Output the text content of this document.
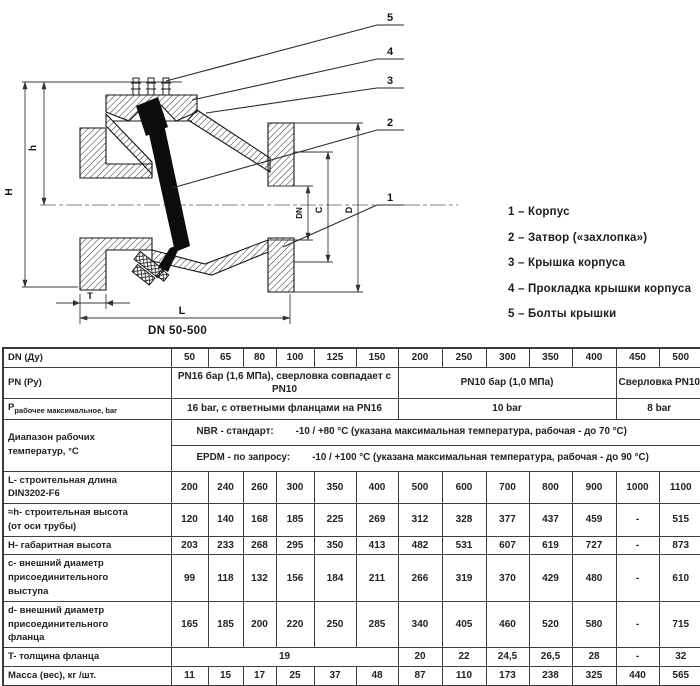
H
h
L
T
DN C D
5
4
3
2
1
DN 50-500
1 – Корпус
2 – Затвор («захлопка»)
3 – Крышка корпуса
4 – Прокладка крышки корпуса
5 – Болты крышки
DN (Ду)	50	65	80	100	125	150	200	250	300	350	400	450	500
PN (Ру)	PN16 бар (1,6 МПа), сверловка совпадает с PN10						PN10 бар (1,0 МПа)					Сверловка PN10	
$P_{рабочее максимальное, bar}$	16 bar, с ответными фланцами на PN16						10 bar					8 bar	
Диапазон рабочих
температур, °C	NBR - стандарт: -10 / +80 °C (указана максимальная температура, рабочая - до 70 °C)												
	EPDM - по запросу: -10 / +100 °C (указана максимальная температура, рабочая - до 90 °C)												
L- строительная длина
DIN3202-F6	200	240	260	300	350	400	500	600	700	800	900	1000	1100
≈h- строительная высота
(от оси трубы)	120	140	168	185	225	269	312	328	377	437	459	-	515
H- габаритная высота	203	233	268	295	350	413	482	531	607	619	727	-	873
c- внешний диаметр
присоединительного
выступа	99	118	132	156	184	211	266	319	370	429	480	-	610
d- внешний диаметр
присоединительного
фланца	165	185	200	220	250	285	340	405	460	520	580	-	715
T- толщина фланца	19						20	22	24,5	26,5	28	-	32
Масса (вес), кг /шт.	11	15	17	25	37	48	87	110	173	238	325	440	565
